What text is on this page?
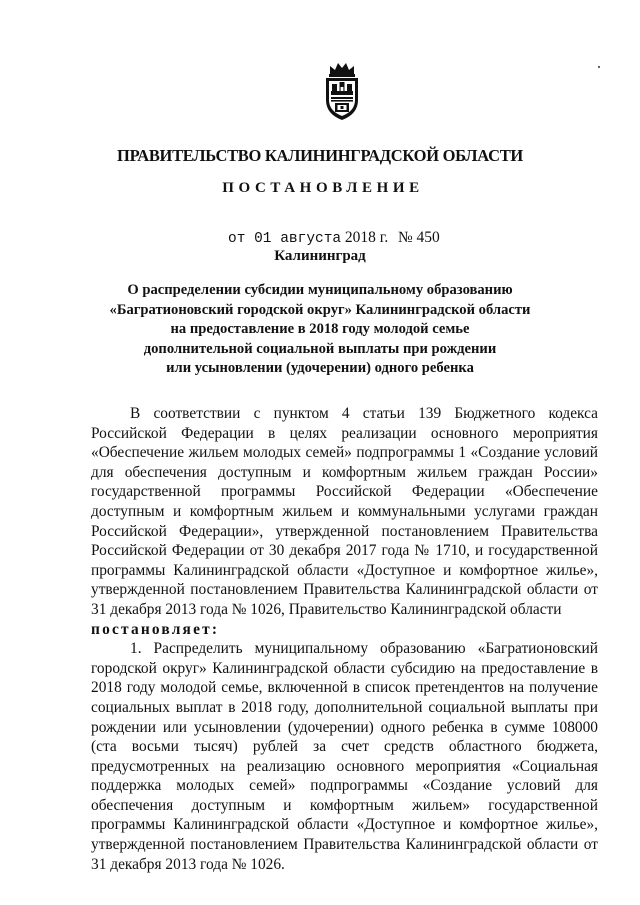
ПРАВИТЕЛЬСТВО КАЛИНИНГРАДСКОЙ ОБЛАСТИ
ПОСТАНОВЛЕНИЕ
от 01 августа 2018 г. № 450
Калининград
О распределении субсидии муниципальному образованию
«Багратионовский городской округ» Калининградской области
на предоставление в 2018 году молодой семье
дополнительной социальной выплаты при рождении
или усыновлении (удочерении) одного ребенка

В соответствии с пунктом 4 статьи 139 Бюджетного кодекса Российской Федерации в целях реализации основного мероприятия «Обеспечение жильем молодых семей» подпрограммы 1 «Создание условий для обеспечения доступным и комфортным жильем граждан России» государственной программы Российской Федерации «Обеспечение доступным и комфортным жильем и коммунальными услугами граждан Российской Федерации», утвержденной постановлением Правительства Российской Федерации от 30 декабря 2017 года № 1710, и государственной программы Калининградской области «Доступное и комфортное жилье», утвержденной постановлением Правительства Калининградской области от 31 декабря 2013 года № 1026, Правительство Калининградской области

постановляет:

1. Распределить муниципальному образованию «Багратионовский городской округ» Калининградской области субсидию на предоставление в 2018 году молодой семье, включенной в список претендентов на получение социальных выплат в 2018 году, дополнительной социальной выплаты при рождении или усыновлении (удочерении) одного ребенка в сумме 108000 (ста восьми тысяч) рублей за счет средств областного бюджета, предусмотренных на реализацию основного мероприятия «Социальная поддержка молодых семей» подпрограммы «Создание условий для обеспечения доступным и комфортным жильем» государственной программы Калининградской области «Доступное и комфортное жилье», утвержденной постановлением Правительства Калининградской области от 31 декабря 2013 года № 1026.
